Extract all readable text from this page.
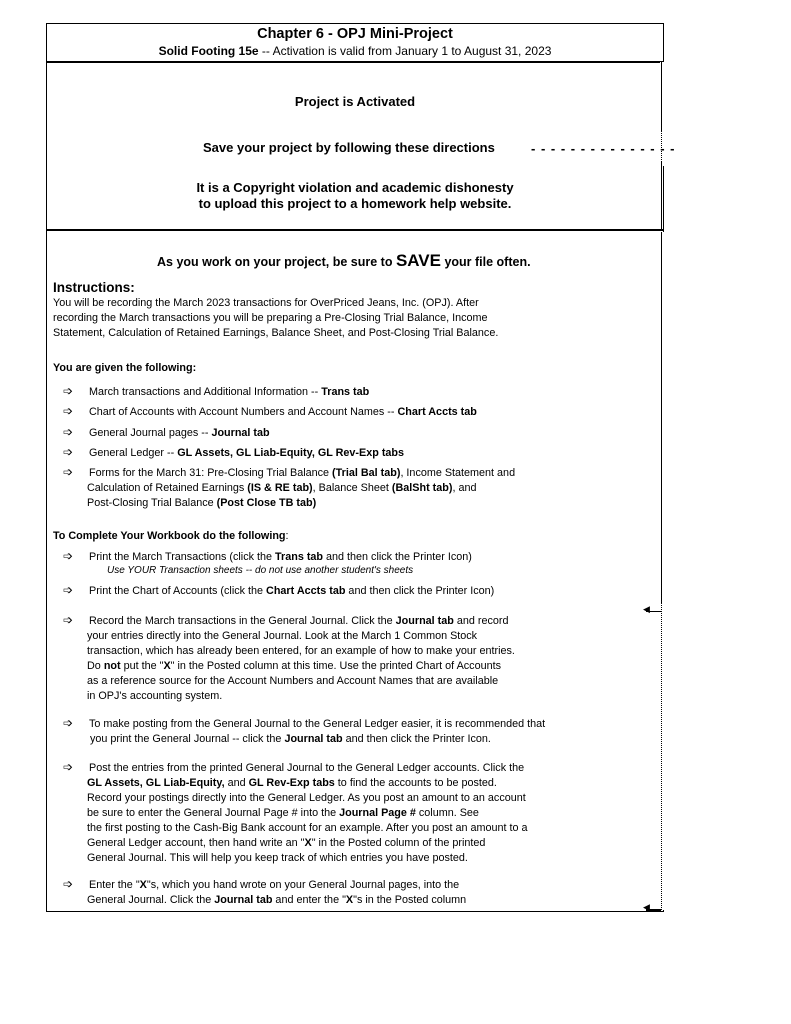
◀
◀
Chapter 6 - OPJ Mini-Project
Solid Footing 15e -- Activation is valid from January 1 to August 31, 2023
Project is Activated
Save your project by following these directions	- - - - - - - - - - - - - - -
It is a Copyright violation and academic dishonesty
to upload this project to a homework help website.
As you work on your project, be sure to SAVE your file often.
Instructions:
You will be recording the March 2023 transactions for OverPriced Jeans, Inc. (OPJ). After
recording the March transactions you will be preparing a Pre-Closing Trial Balance, Income
Statement, Calculation of Retained Earnings, Balance Sheet, and Post-Closing Trial Balance.
You are given the following:
➩ March transactions and Additional Information -- Trans tab
➩ Chart of Accounts with Account Numbers and Account Names -- Chart Accts tab
➩ General Journal pages -- Journal tab
➩ General Ledger -- GL Assets, GL Liab-Equity, GL Rev-Exp tabs
➩ Forms for the March 31: Pre-Closing Trial Balance (Trial Bal tab), Income Statement and
Calculation of Retained Earnings (IS & RE tab), Balance Sheet (BalSht tab), and
Post-Closing Trial Balance (Post Close TB tab)
To Complete Your Workbook do the following:
➩ Print the March Transactions (click the Trans tab and then click the Printer Icon)
Use YOUR Transaction sheets -- do not use another student's sheets
➩ Print the Chart of Accounts (click the Chart Accts tab and then click the Printer Icon)
➩ Record the March transactions in the General Journal. Click the Journal tab and record
your entries directly into the General Journal. Look at the March 1 Common Stock
transaction, which has already been entered, for an example of how to make your entries.
Do not put the "X" in the Posted column at this time. Use the printed Chart of Accounts
as a reference source for the Account Numbers and Account Names that are available
in OPJ's accounting system.
➩ To make posting from the General Journal to the General Ledger easier, it is recommended that
you print the General Journal -- click the Journal tab and then click the Printer Icon.
➩ Post the entries from the printed General Journal to the General Ledger accounts. Click the
GL Assets, GL Liab-Equity, and GL Rev-Exp tabs to find the accounts to be posted.
Record your postings directly into the General Ledger. As you post an amount to an account
be sure to enter the General Journal Page # into the Journal Page # column. See
the first posting to the Cash-Big Bank account for an example. After you post an amount to a
General Ledger account, then hand write an "X" in the Posted column of the printed
General Journal. This will help you keep track of which entries you have posted.
➩ Enter the "X"s, which you hand wrote on your General Journal pages, into the
General Journal. Click the Journal tab and enter the "X"s in the Posted column
